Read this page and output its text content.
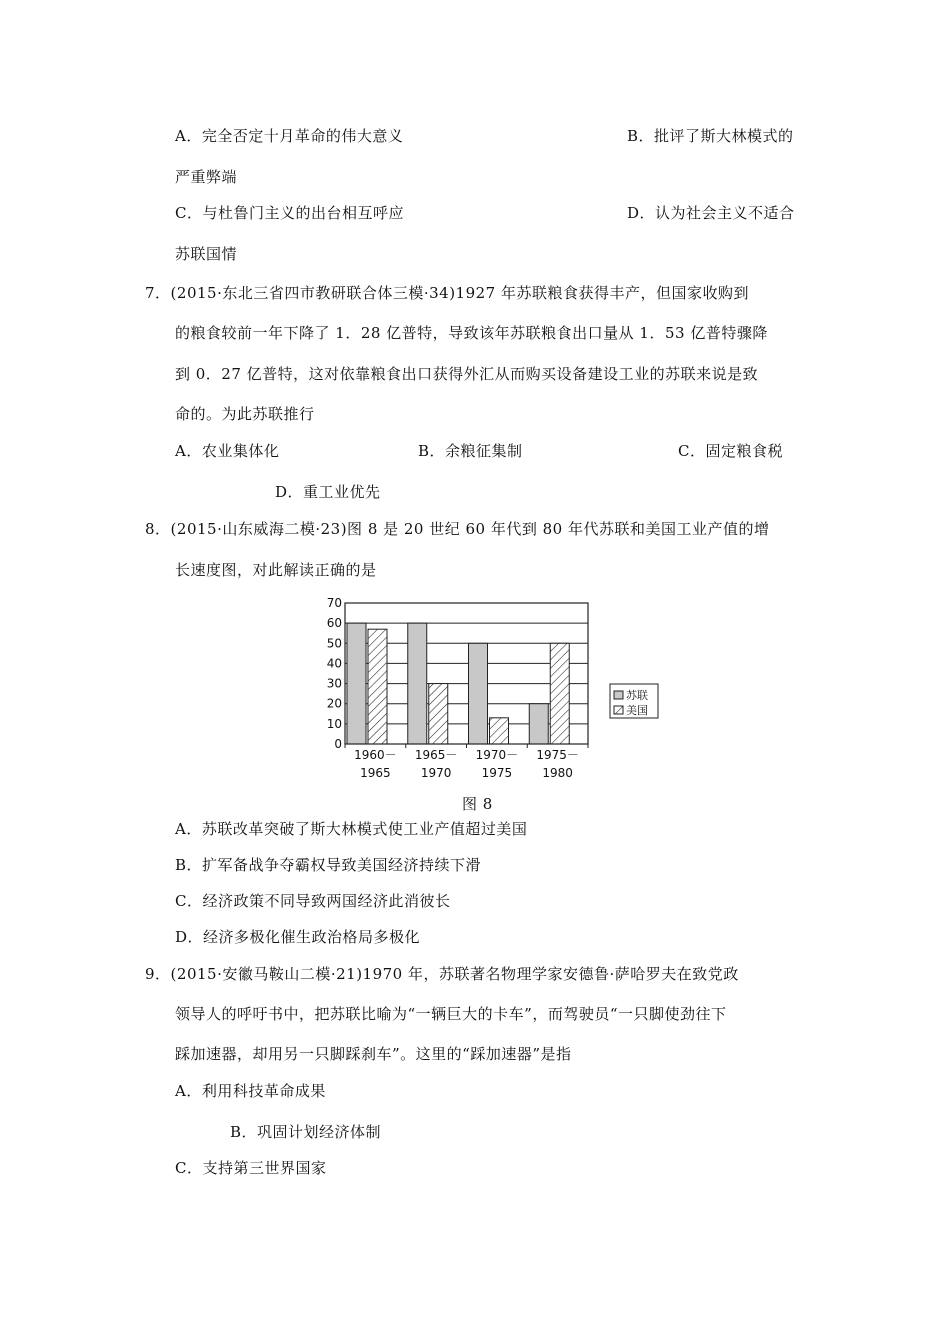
A．完全否定十月革命的伟大意义	B．批评了斯大林模式的
严重弊端
C．与杜鲁门主义的出台相互呼应	D．认为社会主义不适合
苏联国情
7．(2015·东北三省四市教研联合体三模·34)1927 年苏联粮食获得丰产，但国家收购到
的粮食较前一年下降了 1．28 亿普特，导致该年苏联粮食出口量从 1．53 亿普特骤降
到 0．27 亿普特，这对依靠粮食出口获得外汇从而购买设备建设工业的苏联来说是致
命的。为此苏联推行
A．农业集体化	B．余粮征集制	C．固定粮食税
D．重工业优先
8．(2015·山东威海二模·23)图 8 是 20 世纪 60 年代到 80 年代苏联和美国工业产值的增
长速度图，对此解读正确的是
0
10
20
30
40
50
60
70
1960－
1965
1965－
1970
1970－
1975
1975－
1980
苏联
美国
图 8
A．苏联改革突破了斯大林模式使工业产值超过美国
B．扩军备战争夺霸权导致美国经济持续下滑
C．经济政策不同导致两国经济此消彼长
D．经济多极化催生政治格局多极化
9．(2015·安徽马鞍山二模·21)1970 年，苏联著名物理学家安德鲁·萨哈罗夫在致党政
领导人的呼吁书中，把苏联比喻为“一辆巨大的卡车”，而驾驶员“一只脚使劲往下
踩加速器，却用另一只脚踩刹车”。这里的“踩加速器”是指
A．利用科技革命成果
B．巩固计划经济体制
C．支持第三世界国家
